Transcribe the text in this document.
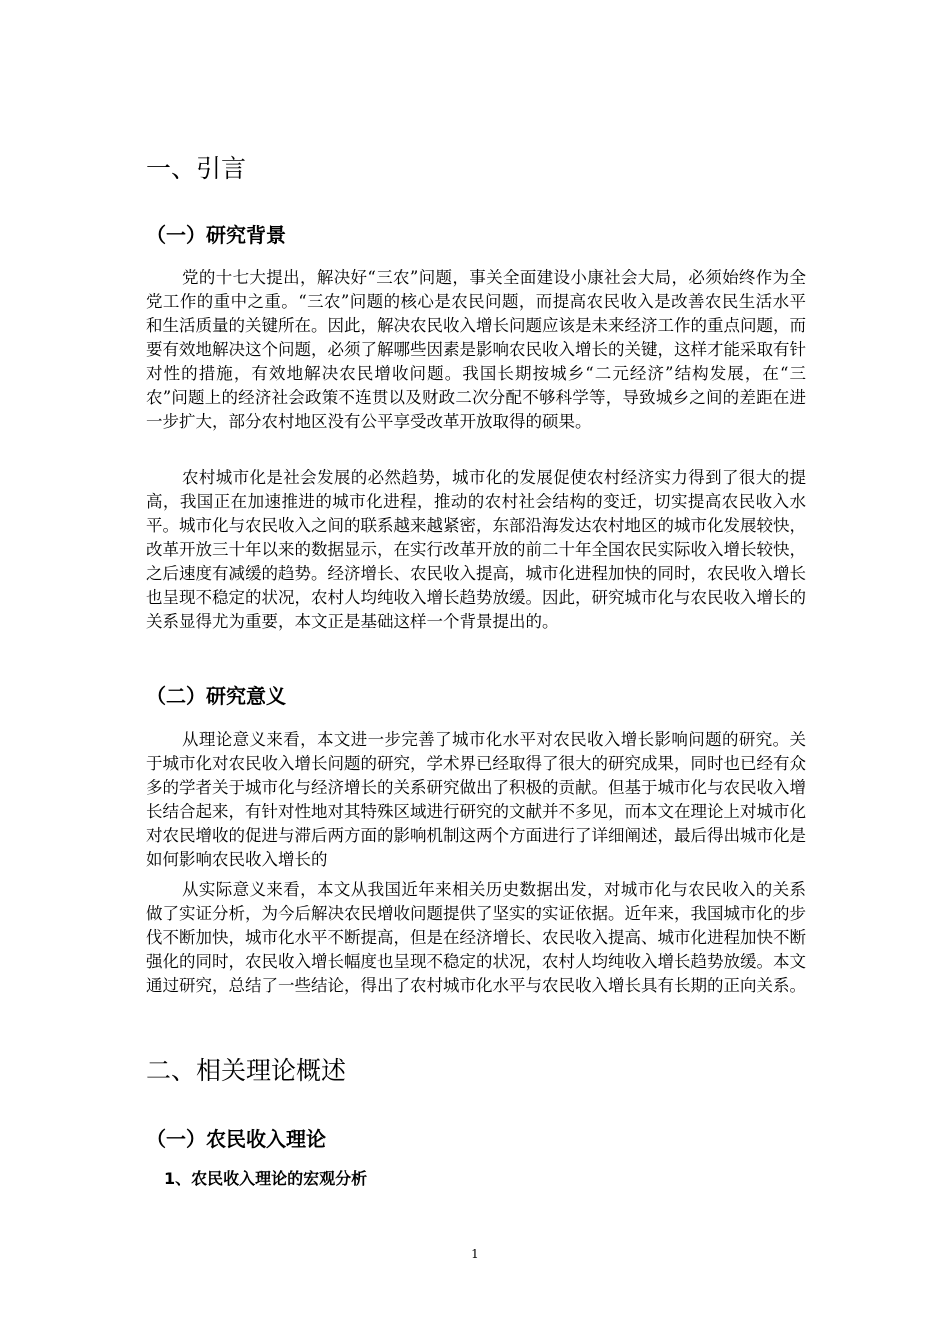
一、引言
（一）研究背景

党的十七大提出，解决好“三农”问题，事关全面建设小康社会大局，必须始终作为全党工作的重中之重。“三农”问题的核心是农民问题，而提高农民收入是改善农民生活水平和生活质量的关键所在。因此，解决农民收入增长问题应该是未来经济工作的重点问题，而要有效地解决这个问题，必须了解哪些因素是影响农民收入增长的关键，这样才能采取有针对性的措施，有效地解决农民增收问题。我国长期按城乡“二元经济”结构发展，在“三农”问题上的经济社会政策不连贯以及财政二次分配不够科学等，导致城乡之间的差距在进一步扩大，部分农村地区没有公平享受改革开放取得的硕果。

农村城市化是社会发展的必然趋势，城市化的发展促使农村经济实力得到了很大的提高，我国正在加速推进的城市化进程，推动的农村社会结构的变迁，切实提高农民收入水平。城市化与农民收入之间的联系越来越紧密，东部沿海发达农村地区的城市化发展较快，改革开放三十年以来的数据显示，在实行改革开放的前二十年全国农民实际收入增长较快，之后速度有减缓的趋势。经济增长、农民收入提高，城市化进程加快的同时，农民收入增长也呈现不稳定的状况，农村人均纯收入增长趋势放缓。因此，研究城市化与农民收入增长的关系显得尤为重要，本文正是基础这样一个背景提出的。

（二）研究意义

从理论意义来看，本文进一步完善了城市化水平对农民收入增长影响问题的研究。关于城市化对农民收入增长问题的研究，学术界已经取得了很大的研究成果，同时也已经有众多的学者关于城市化与经济增长的关系研究做出了积极的贡献。但基于城市化与农民收入增长结合起来，有针对性地对其特殊区域进行研究的文献并不多见，而本文在理论上对城市化对农民增收的促进与滞后两方面的影响机制这两个方面进行了详细阐述，最后得出城市化是如何影响农民收入增长的

从实际意义来看，本文从我国近年来相关历史数据出发，对城市化与农民收入的关系做了实证分析，为今后解决农民增收问题提供了坚实的实证依据。近年来，我国城市化的步伐不断加快，城市化水平不断提高，但是在经济增长、农民收入提高、城市化进程加快不断强化的同时，农民收入增长幅度也呈现不稳定的状况，农村人均纯收入增长趋势放缓。本文通过研究，总结了一些结论，得出了农村城市化水平与农民收入增长具有长期的正向关系。

二、相关理论概述
（一）农民收入理论
1、农民收入理论的宏观分析
1
